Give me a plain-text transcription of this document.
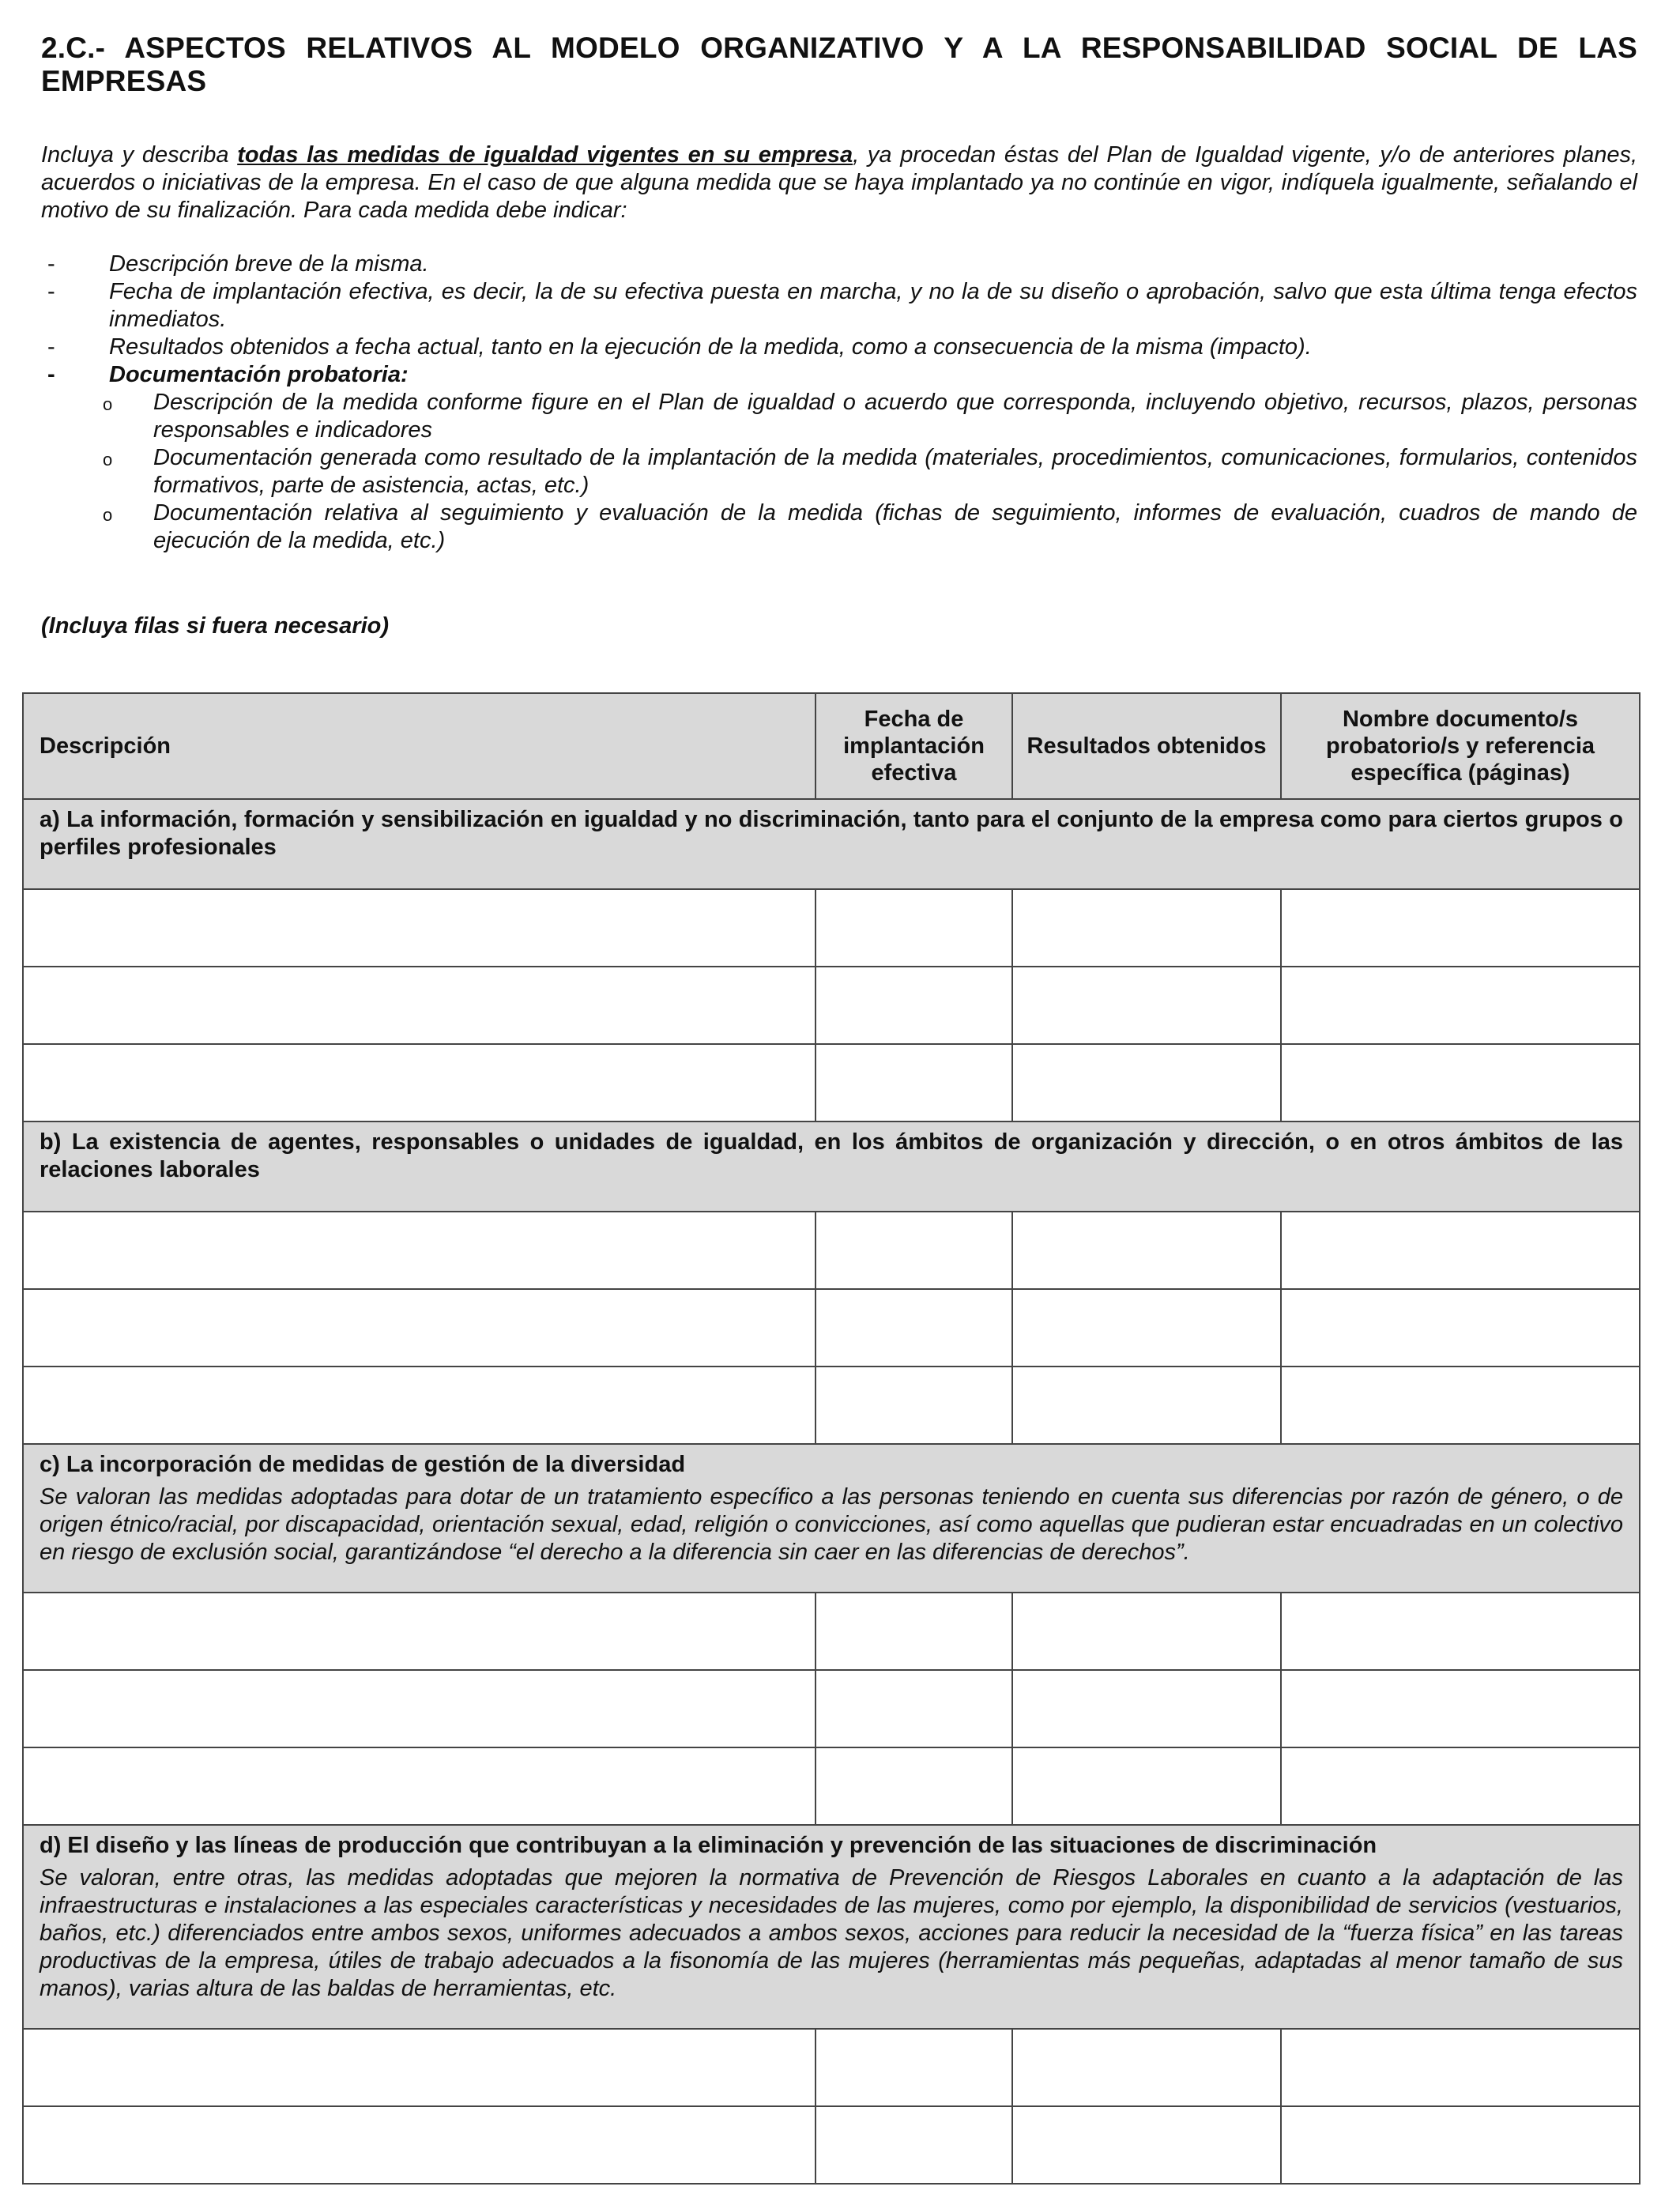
2.C.- ASPECTOS RELATIVOS AL MODELO ORGANIZATIVO Y A LA RESPONSABILIDAD SOCIAL DE LAS EMPRESAS

Incluya y describa todas las medidas de igualdad vigentes en su empresa, ya procedan éstas del Plan de Igualdad vigente, y/o de anteriores planes, acuerdos o iniciativas de la empresa. En el caso de que alguna medida que se haya implantado ya no continúe en vigor, indíquela igualmente, señalando el motivo de su finalización. Para cada medida debe indicar:

- Descripción breve de la misma.
- Fecha de implantación efectiva, es decir, la de su efectiva puesta en marcha, y no la de su diseño o aprobación, salvo que esta última tenga efectos inmediatos.
- Resultados obtenidos a fecha actual, tanto en la ejecución de la medida, como a consecuencia de la misma (impacto).
- Documentación probatoria:
o Descripción de la medida conforme figure en el Plan de igualdad o acuerdo que corresponda, incluyendo objetivo, recursos, plazos, personas responsables e indicadores
o Documentación generada como resultado de la implantación de la medida (materiales, procedimientos, comunicaciones, formularios, contenidos formativos, parte de asistencia, actas, etc.)
o Documentación relativa al seguimiento y evaluación de la medida (fichas de seguimiento, informes de evaluación, cuadros de mando de ejecución de la medida, etc.)

(Incluya filas si fuera necesario)

Descripción	Fecha de implantación efectiva	Resultados obtenidos	Nombre documento/s probatorio/s y referencia específica (páginas)

a) La información, formación y sensibilización en igualdad y no discriminación, tanto para el conjunto de la empresa como para ciertos grupos o perfiles profesionales			

b) La existencia de agentes, responsables o unidades de igualdad, en los ámbitos de organización y dirección, o en otros ámbitos de las relaciones laborales			

c) La incorporación de medidas de gestión de la diversidad
Se valoran las medidas adoptadas para dotar de un tratamiento específico a las personas teniendo en cuenta sus diferencias por razón de género, o de origen étnico/racial, por discapacidad, orientación sexual, edad, religión o convicciones, así como aquellas que pudieran estar encuadradas en un colectivo en riesgo de exclusión social, garantizándose “el derecho a la diferencia sin caer en las diferencias de derechos”.			

d) El diseño y las líneas de producción que contribuyan a la eliminación y prevención de las situaciones de discriminación
Se valoran, entre otras, las medidas adoptadas que mejoren la normativa de Prevención de Riesgos Laborales en cuanto a la adaptación de las infraestructuras e instalaciones a las especiales características y necesidades de las mujeres, como por ejemplo, la disponibilidad de servicios (vestuarios, baños, etc.) diferenciados entre ambos sexos, uniformes adecuados a ambos sexos, acciones para reducir la necesidad de la “fuerza física” en las tareas productivas de la empresa, útiles de trabajo adecuados a la fisonomía de las mujeres (herramientas más pequeñas, adaptadas al menor tamaño de sus manos), varias altura de las baldas de herramientas, etc.			
